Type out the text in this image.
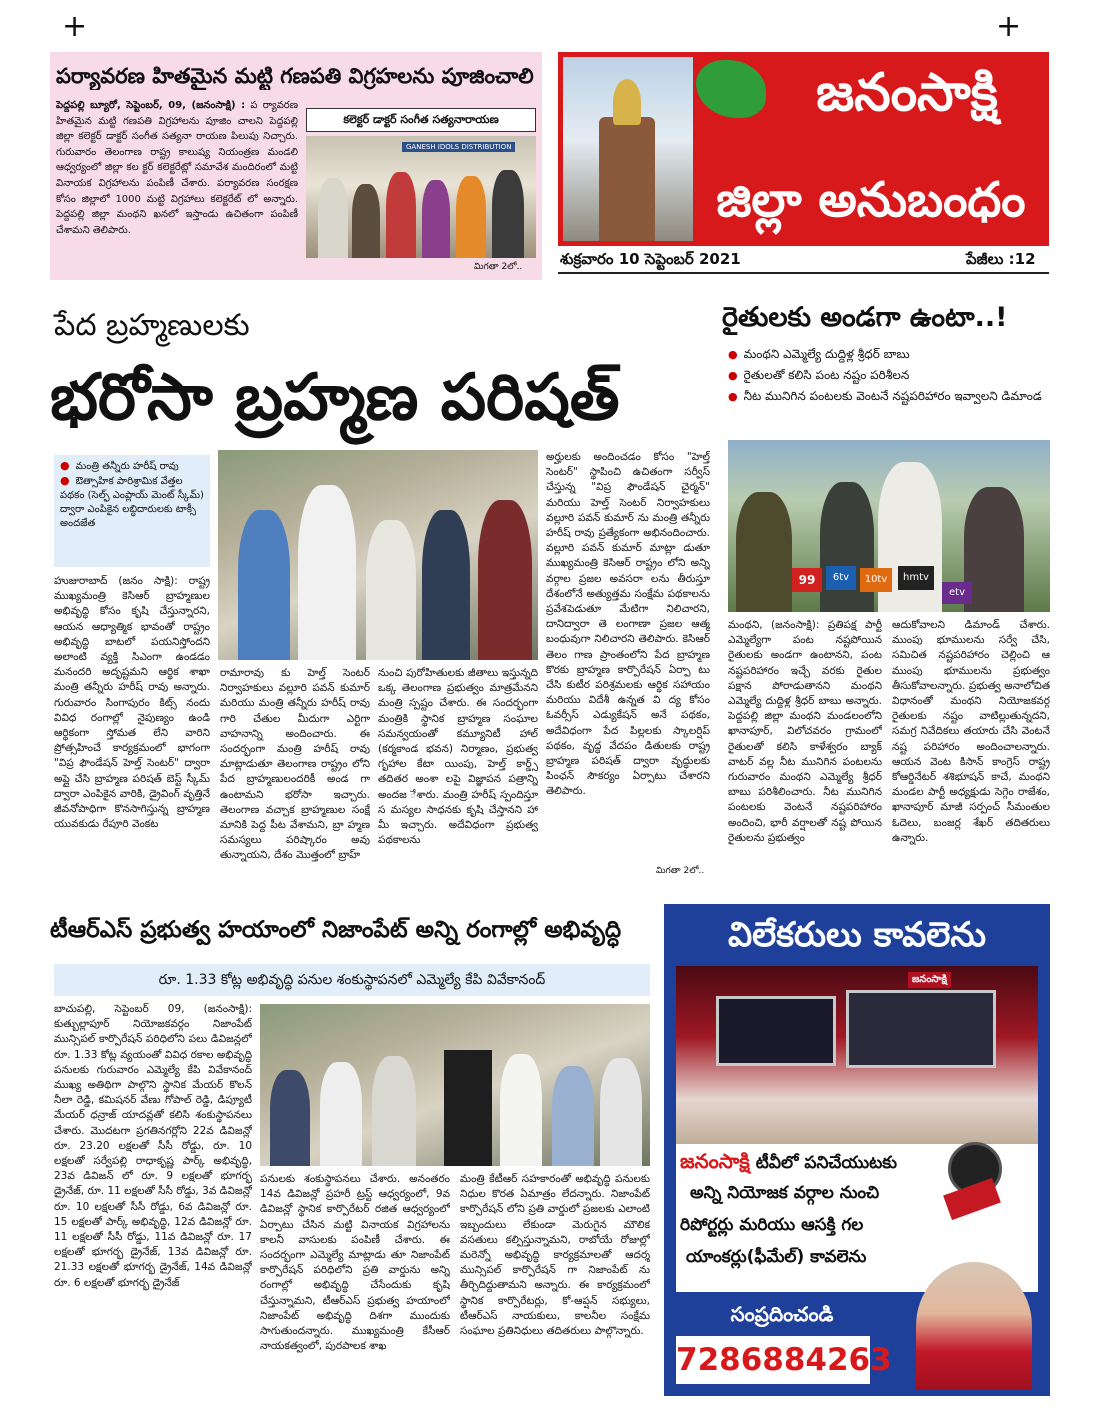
+	+
పర్యావరణ హితమైన మట్టి గణపతి విగ్రహలను పూజించాలి
పెద్దపల్లి బ్యూరో, సెప్టెంబర్, 09, (జనంసాక్షి) : ప ర్యావరణ హితమైన మట్టి గణపతి విగ్రహాలను పూజిం చాలని పెద్దపల్లి జిల్లా కలెక్టర్ డాక్టర్ సంగీత సత్యనా రాయణ పిలుపు నిచ్చారు. గురువారం తెలంగాణ రాష్ట్ర కాలుష్య నియంత్రణ మండలి ఆధ్వర్యంలో జిల్లా కల క్టర్ కలెక్టరేట్లో సమావేశ మందిరంలో మట్టి వినాయక విగ్రహాలను పంపిణీ చేశారు. పర్యావరణ సంరక్షణ కోసం జిల్లాలో 1000 మట్టి విగ్రహాలు కలెక్టరేట్ లో అన్నారు. పెద్దపల్లి జిల్లా మంథని ఖనలో ఇస్తాండు ఉచితంగా పంపిణీ చేశామని తెలిపారు.
కలెక్టర్ డాక్టర్ సంగీత సత్యనారాయణ
GANESH IDOLS DISTRIBUTION
మిగతా 2లో..
జనంసాక్షి
జిల్లా అనుబంధం
శుక్రవారం 10 సెప్టెంబర్ 2021	పేజీలు :12
పేద బ్రహ్మణులకు
భరోసా బ్రహ్మణ పరిషత్
● మంత్రి తన్నీరు హరీష్ రావు
● ఔత్సాహిక పారిశ్రామిక వేత్తల పథకం (సెల్ఫ్ ఎంప్లాయ్ మెంట్ స్కీమ్) ద్వారా ఎంపికైన లబ్ధిదారులకు టాక్సీ అందజేత
హుజురాబాద్ (జనం సాక్షి): రాష్ట్ర ముఖ్యమంత్రి కెసిఆర్ బ్రాహ్మణుల అభివృద్ధి కోసం కృషి చేస్తున్నారని, ఆయన ఆధ్యాత్మిక భావంతో రాష్ట్రం అభివృద్ధి బాటలో పయనిస్తోందని అలాంటి వ్యక్తి సిఎంగా ఉండడం మనందరి అదృష్టమని ఆర్థిక శాఖా మంత్రి తన్నీరు హరీష్ రావు అన్నారు. గురువారం సింగాపురం కిట్స్ నందు వివిధ రంగాల్లో నైపుణ్యం ఉండి ఆర్థికంగా స్తోమత లేని వారిని ప్రోత్సహించే కార్యక్రమంలో భాగంగా "విప్ర ఫౌండేషన్ హెల్త్ సెంటర్" ద్వారా అప్లై చేసి బ్రాహ్మణ పరిషత్ బెస్ట్ స్కీమ్ ద్వారా ఎంపికైన వారికి, డ్రైవింగ్ వృత్తినే జీవనోపాధిగా కొనసాగిస్తున్న బ్రాహ్మణ యువకుడు రేపూరి వెంకట
రామారావు కు హెల్త్ సెంటర్ నిర్వాహకులు వల్లూరి పవన్ కుమార్ మరియు మంత్రి తన్నీరు హరీష్ రావు గారి చేతుల మీదుగా ఎర్టిగా వాహనాన్ని అందించారు. ఈ సందర్భంగా మంత్రి హరీష్ రావు మాట్లాడుతూ తెలంగాణ రాష్ట్రం లోని పేద బ్రాహ్మణులందరికీ అండ గా ఉంటామని భరోసా ఇచ్చారు. తెలంగాణ వచ్చాక బ్రాహ్మణుల సంక్షే మానికి పెద్ద పీట వేశామని, బ్రా హ్మణ సమస్యలు పరిష్కారం అవు తున్నాయని, దేశం మొత్తంలో బ్రాహ్
నుంచి పురోహితులకు జీతాలు ఇస్తున్నది ఒక్క తెలంగాణ ప్రభుత్వం మాత్రమేనని మంత్రి స్పష్టం చేశారు. ఈ సందర్భంగా మంత్రికి స్థానిక బ్రాహ్మణ సంఘాల సమన్వయంతో కమ్యూనిటీ హాల్ (కర్మకాండ భవన) నిర్మాణం, ప్రభుత్వ గృహాల కేటా యింపు, హెల్త్ కార్డ్స్ తదితర అంశా లపై విజ్ఞాపన పత్రాన్ని అందజ ేశారు. మంత్రి హరీష్ స్పందిస్తూ స మస్యల సాధనకు కృషి చేస్తానని హా మీ ఇచ్చారు. అదేవిధంగా ప్రభుత్వ పథకాలను
అర్హులకు అందించడం కోసం "హెల్త్ సెంటర్" స్థాపించి ఉచితంగా సర్వీస్ చేస్తున్న "విప్ర ఫౌండేషన్ చైర్మన్" మరియు హెల్త్ సెంటర్ నిర్వాహకులు వల్లూరి పవన్ కుమార్ ను మంత్రి తన్నీరు హరీష్ రావు ప్రత్యేకంగా అభినందించారు. వల్లూరి పవన్ కుమార్ మాట్లా డుతూ ముఖ్యమంత్రి కెసిఆర్ రాష్ట్రం లోని అన్ని వర్గాల ప్రజల అవసరా లను తీరుస్తూ దేశంలోనే అత్యుత్తమ సంక్షేమ పథకాలను ప్రవేశపెడుతూ మేటిగా నిలిచారని, దానిద్వారా తె లంగాణా ప్రజల ఆత్మ బంధువుగా నిలిచారని తెలిపారు. కెసిఆర్ తెలం గాణ ప్రాంతంలోని పేద బ్రాహ్మణ కొరకు బ్రాహ్మణ కార్పొరేషన్ ఏర్పా టు చేసి కుటీర పరిశ్రమలకు ఆర్థిక సహాయం మరియు విదేశీ ఉన్నత వి ద్య కోసం ఓవర్సీస్ ఎడ్యుకేషన్ అనే పథకం, అదేవిధంగా పేద పిల్లలకు స్కాలర్షిప్ పథకం, వృద్ధ వేదపం డితులకు రాష్ట్ర బ్రాహ్మణ పరిషత్ ద్వారా వృద్ధులకు పింఛన్ సౌకర్యం ఏర్పాటు చేశారని తెలిపారు.
మిగతా 2లో..
రైతులకు అండగా ఉంటా..!
● మంథని ఎమ్మెల్యే దుద్దిళ్ల శ్రీధర్ బాబు
● రైతులతో కలిసి పంట నష్టం పరిశీలన
● నీట మునిగిన పంటలకు వెంటనే నష్టపరిహారం ఇవ్వాలని డిమాండ
99	6tv	10tv	hmtv
etv
మంథని, (జనంసాక్షి): ప్రతిపక్ష పార్టీ ఎమ్మెల్యేగా పంట నష్టపోయిన రైతులకు అండగా ఉంటానని, పంట నష్టపరిహారం ఇచ్చే వరకు రైతుల పక్షాన పోరాడుతానని మంథని ఎమ్మెల్యే దుద్దిళ్ల శ్రీధర్ బాబు అన్నారు. పెద్దపల్లి జిల్లా మంథని మండలంలోని ఖానాపూర్, విలోచవరం గ్రామంలో రైతులతో కలిసి కాళేశ్వరం బ్యాక్ వాటర్ వల్ల నీట మునిగిన పంటలను గురువారం మంథని ఎమ్మెల్యే శ్రీధర్ బాబు పరిశీలించారు. నీట మునిగిన పంటలకు వెంటనే నష్టపరిహారం అందించి, భారీ వర్షాలతో నష్ట పోయిన రైతులను ప్రభుత్వం
ఆదుకోవాలని డిమాండ్ చేశారు. ముంపు భూములను సర్వే చేసి, సమిచిత నష్టపరిహారం చెల్లించి ఆ ముంపు భూములను ప్రభుత్వం తీసుకోవాలన్నారు. ప్రభుత్వ అనాలోచిత విధానంతో మంథని నియోజకవర్గ రైతులకు నష్టం వాటిల్లుతున్నదని, సమగ్ర నివేదికలు తయారు చేసి వెంటనే నష్ట పరిహారం అందించాలన్నారు. ఆయన వెంట కిసాన్ కాంగ్రెస్ రాష్ట్ర కోఆర్డినేటర్ శశిభూషన్ కాచే, మంథని మండల పార్టీ అధ్యక్షుడు సెగ్గెం రాజేశం, ఖానాపూర్ మాజీ సర్పంచ్ సీమంతుల ఓదెలు, బంజర్ల శేఖర్ తదితరులు ఉన్నారు.
టీఆర్ఎస్ ప్రభుత్వ హయాంలో నిజాంపేట్ అన్ని రంగాల్లో అభివృద్ధి
రూ. 1.33 కోట్ల అభివృద్ధి పనుల శంకుస్థాపనలో ఎమ్మెల్యే కేపి వివేకానంద్
బాచుపల్లి, సెప్టెంబర్ 09, (జనంసాక్షి): కుత్బుల్లాపూర్ నియోజకవర్గం నిజాంపేట్ మున్సిపల్ కార్పొరేషన్ పరిధిలోని పలు డివిజన్లలో రూ. 1.33 కోట్ల వ్యయంతో వివిధ రకాల అభివృద్ధి పనులకు గురువారం ఎమ్మెల్యే కేపి వివేకానంద్ ముఖ్య అతిథిగా పాల్గొని స్థానిక మేయర్ కొలన్ నీలా రెడ్డి, కమిషనర్ వేణు గోపాల్ రెడ్డి, డిప్యూటీ మేయర్ ధన్రాజ్ యాదవ్లతో కలిసి శంకుస్థాపనలు చేశారు. మొదటగా ప్రగతినగర్లోని 22వ డివిజన్లో రూ. 23.20 లక్షలతో సీసీ రోడ్డు, రూ. 10 లక్షలతో సర్వేపల్లి రాధాకృష్ణ పార్క్ అభివృద్ధి, 23వ డివిజన్ లో రూ. 9 లక్షలతో భూగర్భ డ్రైనేజ్, రూ. 11 లక్షలతో సీసీ రోడ్డు, 3వ డివిజన్లో రూ. 10 లక్షలతో సీసీ రోడ్డు, 6వ డివిజన్లో రూ. 15 లక్షలతో పార్క్ అభివృద్ధి, 12వ డివిజన్లో రూ. 11 లక్షలతో సీసీ రోడ్డు, 11వ డివిజన్లో రూ. 17 లక్షలతో భూగర్భ డ్రైనేజ్, 13వ డివిజన్లో రూ. 21.33 లక్షలతో భూగర్భ డ్రైనేజ్, 14వ డివిజన్లో రూ. 6 లక్షలతో భూగర్భ డ్రైనేజ్
పనులకు శంకుస్థాపనలు చేశారు. అనంతరం 14వ డివిజన్లో ప్రహరీ ట్రస్ట్ ఆధ్వర్యంలో, 9వ డివిజన్లో స్థానిక కార్పొరేటర్ రజిత ఆధ్వర్యంలో ఏర్పాటు చేసిన మట్టి వినాయక విగ్రహాలను కాలనీ వాసులకు పంపిణీ చేశారు. ఈ సందర్భంగా ఎమ్మెల్యే మాట్లాడు తూ నిజాంపేట్ కార్పొరేషన్ పరిధిలోని ప్రతి వార్డును అన్ని రంగాల్లో అభివృద్ధి చేసేందుకు కృషి చేస్తున్నామని, టీఆర్ఎస్ ప్రభుత్వ హయాంలో నిజాంపేట్ అభివృద్ధి దిశగా ముందుకు సాగుతుందన్నారు. ముఖ్యమంత్రి కేసీఆర్ నాయకత్వంలో, పురపాలక శాఖ
మంత్రి కేటీఆర్ సహకారంతో అభివృద్ధి పనులకు నిధుల కొరత ఏమాత్రం లేదన్నారు. నిజాంపేట్ కార్పొరేషన్ లోని ప్రతి వార్డులో ప్రజలకు ఎలాంటి ఇబ్బందులు లేకుండా మెరుగైన మౌలిక వసతులు కల్పిస్తున్నామని, రాబోయే రోజుల్లో మరెన్నో అభివృద్ధి కార్యక్రమాలతో ఆదర్శ మున్సిపల్ కార్పొరేషన్ గా నిజాంపేట్ ను తీర్చిదిద్దుతామని అన్నారు. ఈ కార్యక్రమంలో స్థానిక కార్పొరేటర్లు, కో-ఆప్షన్ సభ్యులు, టీఆర్ఎస్ నాయకులు, కాలనీల సంక్షేమ సంఘాల ప్రతినిధులు తదితరులు పాల్గొన్నారు.
విలేకరులు కావలెను
జనంసాక్షి
జనంసాక్షి టీవీలో పనిచేయుటకు
అన్ని నియోజక వర్గాల నుంచి
రిపోర్టర్లు మరియు ఆసక్తి గల
యాంకర్లు(ఫీమేల్) కావలెను
సంప్రదించండి
7286884263
